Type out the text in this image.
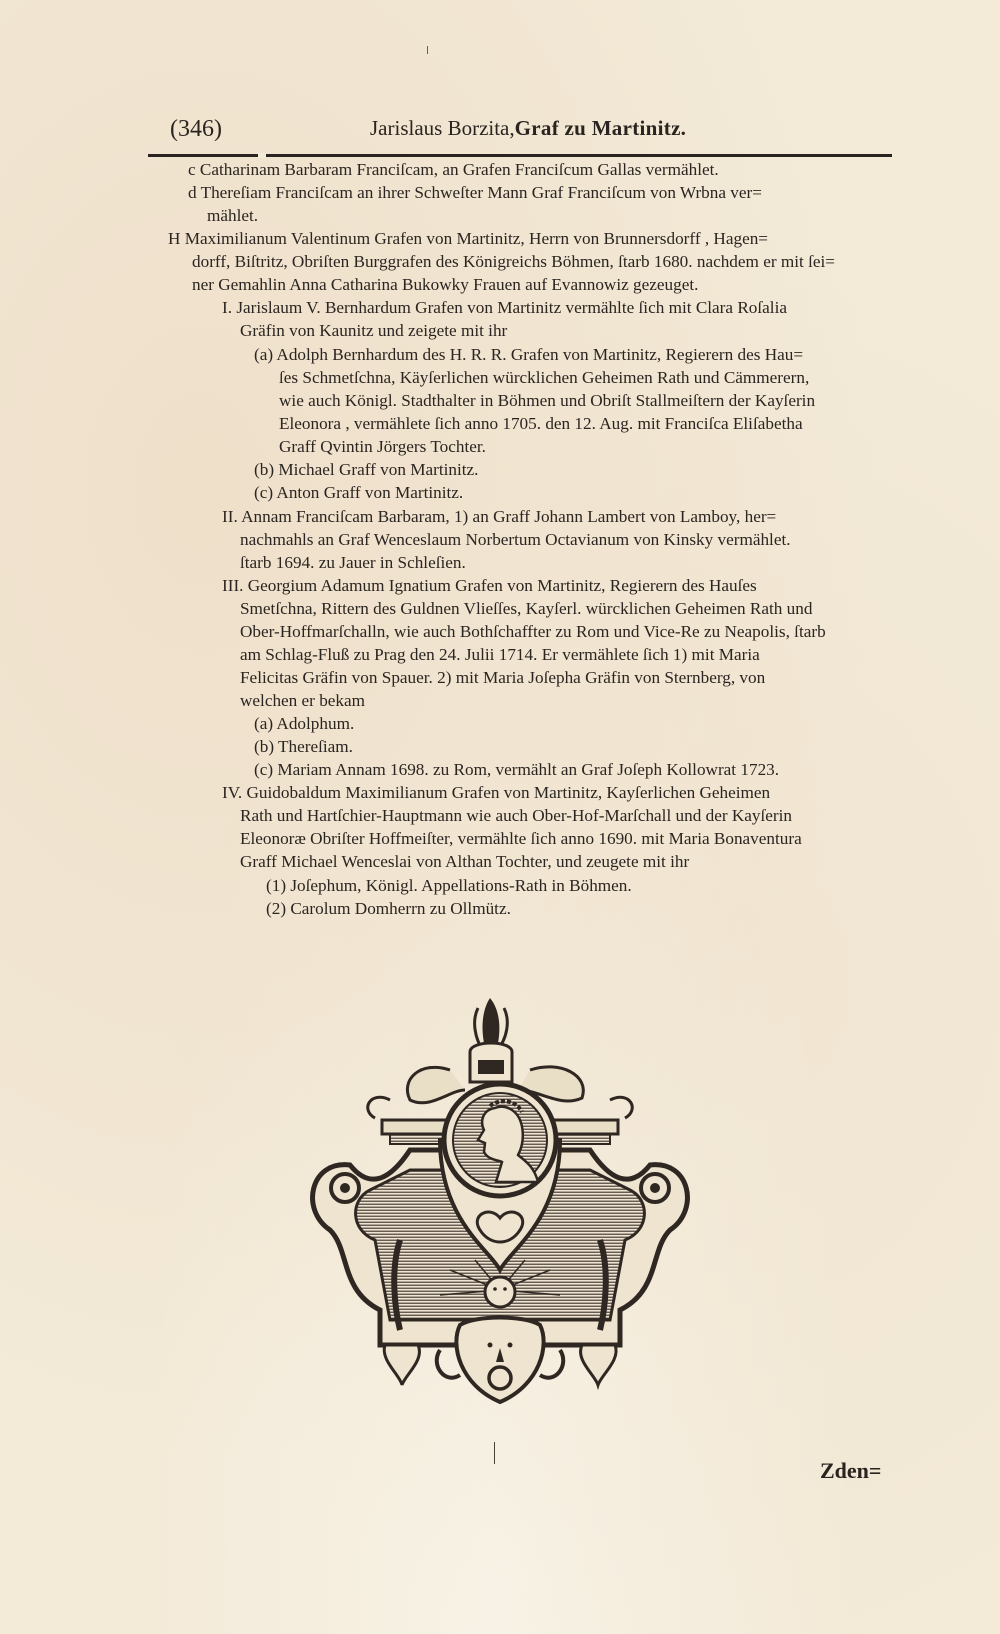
(346)	Jarislaus Borzita,Graf zu Martinitz.
c Catharinam Barbaram Franciſcam, an Grafen Franciſcum Gallas vermählet.
d Thereſiam Franciſcam an ihrer Schweſter Mann Graf Franciſcum von Wrbna ver=
mählet.
H Maximilianum Valentinum Grafen von Martinitz, Herrn von Brunnersdorff , Hagen=
dorff, Biſtritz, Obriſten Burggrafen des Königreichs Böhmen, ſtarb 1680. nachdem er mit ſei=
ner Gemahlin Anna Catharina Bukowky Frauen auf Evannowiz gezeuget.
I. Jarislaum V. Bernhardum Grafen von Martinitz vermählte ſich mit Clara Roſalia
Gräfin von Kaunitz und zeigete mit ihr
(a) Adolph Bernhardum des H. R. R. Grafen von Martinitz, Regierern des Hau=
ſes Schmetſchna, Käyſerlichen würcklichen Geheimen Rath und Cämmerern,
wie auch Königl. Stadthalter in Böhmen und Obriſt Stallmeiſtern der Kayſerin
Eleonora , vermählete ſich anno 1705. den 12. Aug. mit Franciſca Eliſabetha
Graff Qvintin Jörgers Tochter.
(b) Michael Graff von Martinitz.
(c) Anton Graff von Martinitz.
II. Annam Franciſcam Barbaram, 1) an Graff Johann Lambert von Lamboy, her=
nachmahls an Graf Wenceslaum Norbertum Octavianum von Kinsky vermählet.
ſtarb 1694. zu Jauer in Schleſien.
III. Georgium Adamum Ignatium Grafen von Martinitz, Regierern des Hauſes
Smetſchna, Rittern des Guldnen Vlieſſes, Kayſerl. würcklichen Geheimen Rath und
Ober-Hoffmarſchalln, wie auch Bothſchaffter zu Rom und Vice-Re zu Neapolis, ſtarb
am Schlag-Fluß zu Prag den 24. Julii 1714. Er vermählete ſich 1) mit Maria
Felicitas Gräfin von Spauer. 2) mit Maria Joſepha Gräfin von Sternberg, von
welchen er bekam
(a) Adolphum.
(b) Thereſiam.
(c) Mariam Annam 1698. zu Rom, vermählt an Graf Joſeph Kollowrat 1723.
IV. Guidobaldum Maximilianum Grafen von Martinitz, Kayſerlichen Geheimen
Rath und Hartſchier-Hauptmann wie auch Ober-Hof-Marſchall und der Kayſerin
Eleonoræ Obriſter Hoffmeiſter, vermählte ſich anno 1690. mit Maria Bonaventura
Graff Michael Wenceslai von Althan Tochter, und zeugete mit ihr
(1) Joſephum, Königl. Appellations-Rath in Böhmen.
(2) Carolum Domherrn zu Ollmütz.
Zden=
